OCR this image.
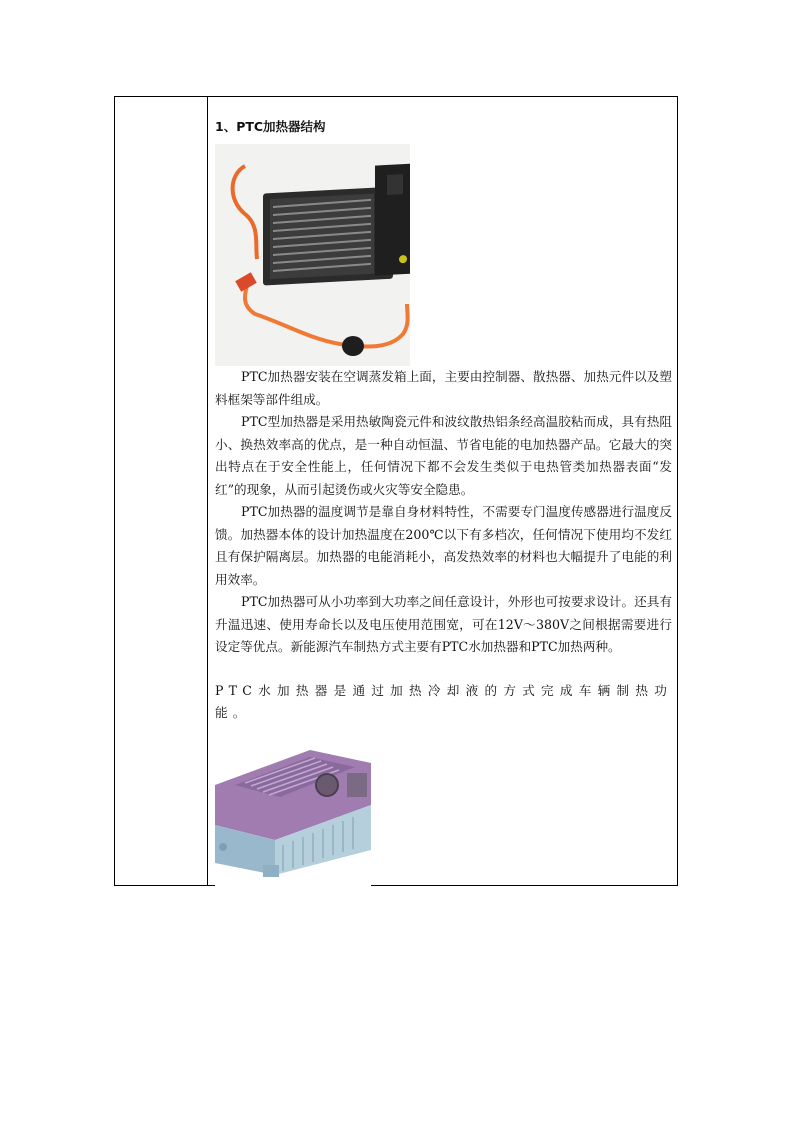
1、PTC加热器结构

PTC加热器安装在空调蒸发箱上面，主要由控制器、散热器、加热元件以及塑料框架等部件组成。

PTC型加热器是采用热敏陶瓷元件和波纹散热铝条经高温胶粘而成，具有热阻小、换热效率高的优点，是一种自动恒温、节省电能的电加热器产品。它最大的突出特点在于安全性能上，任何情况下都不会发生类似于电热管类加热器表面“发红”的现象，从而引起烫伤或火灾等安全隐患。

PTC加热器的温度调节是靠自身材料特性，不需要专门温度传感器进行温度反馈。加热器本体的设计加热温度在200℃以下有多档次，任何情况下使用均不发红且有保护隔离层。加热器的电能消耗小，高发热效率的材料也大幅提升了电能的利用效率。

PTC加热器可从小功率到大功率之间任意设计，外形也可按要求设计。还具有升温迅速、使用寿命长以及电压使用范围宽，可在12V～380V之间根据需要进行设定等优点。新能源汽车制热方式主要有PTC水加热器和PTC加热两种。

PTC水加热器是通过加热冷却液的方式完成车辆制热功能。
